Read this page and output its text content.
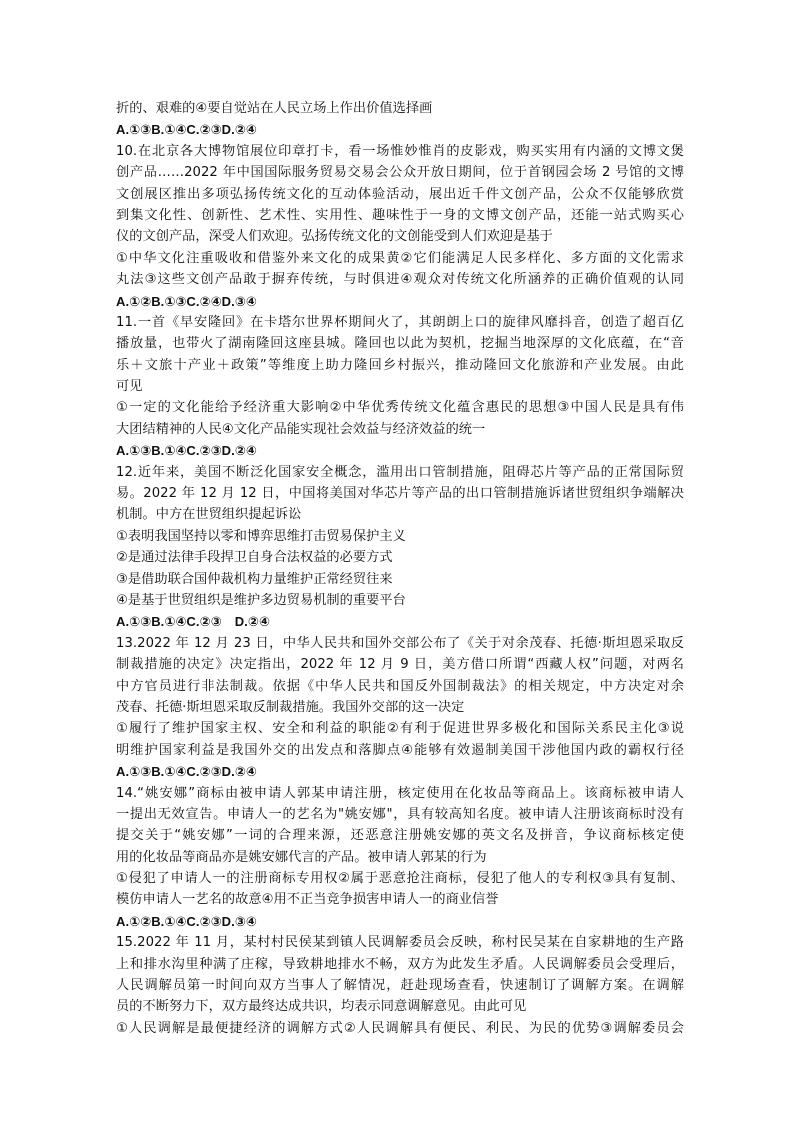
折的、艰难的④要自觉站在人民立场上作出价值选择画
A.①③B.①④C.②③D.②④
10.在北京各大博物馆展位印章打卡，看一场惟妙惟肖的皮影戏，购买实用有内涵的文博文煲
创产品……2022 年中国国际服务贸易交易会公众开放日期间，位于首钢园会场 2 号馆的文博
文创展区推出多项弘扬传统文化的互动体验活动，展出近千件文创产品，公众不仅能够欣赏
到集文化性、创新性、艺术性、实用性、趣味性于一身的文博文创产品，还能一站式购买心
仪的文创产品，深受人们欢迎。弘扬传统文化的文创能受到人们欢迎是基于
①中华文化注重吸收和借鉴外来文化的成果黄②它们能满足人民多样化、多方面的文化需求
丸法③这些文创产品敢于摒弃传统，与时俱进④观众对传统文化所涵养的正确价值观的认同
A.①②B.①③C.②④D.③④
11.一首《早安隆回》在卡塔尔世界杯期间火了，其朗朗上口的旋律风靡抖音，创造了超百亿
播放量，也带火了湖南隆回这座县城。隆回也以此为契机，挖掘当地深厚的文化底蕴，在“音
乐＋文旅十产业＋政策”等维度上助力隆回乡村振兴，推动隆回文化旅游和产业发展。由此
可见
①一定的文化能给予经济重大影响②中华优秀传统文化蕴含惠民的思想③中国人民是具有伟
大团结精神的人民④文化产品能实现社会效益与经济效益的统一
A.①③B.①④C.②③D.②④
12.近年来，美国不断泛化国家安全概念，滥用出口管制措施，阻碍芯片等产品的正常国际贸
易。2022 年 12 月 12 日，中国将美国对华芯片等产品的出口管制措施诉诸世贸组织争端解决
机制。中方在世贸组织提起诉讼
①表明我国坚持以零和博弈思维打击贸易保护主义
②是通过法律手段捍卫自身合法权益的必要方式
③是借助联合国仲裁机构力量维护正常经贸往来
④是基于世贸组织是维护多边贸易机制的重要平台
A.①③B.①④C.②③　D.②④
13.2022 年 12 月 23 日，中华人民共和国外交部公布了《关于对余茂春、托德·斯坦恩采取反
制裁措施的决定》决定指出，2022 年 12 月 9 日，美方借口所谓“西藏人权”问题，对两名
中方官员进行非法制裁。依据《中华人民共和国反外国制裁法》的相关规定，中方决定对余
茂春、托德·斯坦恩采取反制裁措施。我国外交部的这一决定
①履行了维护国家主权、安全和利益的职能②有利于促进世界多极化和国际关系民主化③说
明维护国家利益是我国外交的出发点和落脚点④能够有效遏制美国干涉他国内政的霸权行径
A.①③B.①④C.②③D.②④
14.“姚安娜”商标由被申请人郭某申请注册，核定使用在化妆品等商品上。该商标被申请人
一提出无效宣告。申请人一的艺名为"姚安娜"，具有较高知名度。被申请人注册该商标时没有
提交关于“姚安娜”一词的合理来源，还恶意注册姚安娜的英文名及拼音，争议商标核定使
用的化妆品等商品亦是姚安娜代言的产品。被申请人郭某的行为
①侵犯了申请人一的注册商标专用权②属于恶意抢注商标，侵犯了他人的专利权③具有复制、
模仿申请人一艺名的故意④用不正当竞争损害申请人一的商业信誉
A.①②B.①④C.②③D.③④
15.2022 年 11 月，某村村民侯某到镇人民调解委员会反映，称村民吴某在自家耕地的生产路
上和排水沟里种满了庄稼，导致耕地排水不畅，双方为此发生矛盾。人民调解委员会受理后，
人民调解员第一时间向双方当事人了解情况，赶赴现场查看，快速制订了调解方案。在调解
员的不断努力下，双方最终达成共识，均表示同意调解意见。由此可见
①人民调解是最便捷经济的调解方式②人民调解具有便民、利民、为民的优势③调解委员会
